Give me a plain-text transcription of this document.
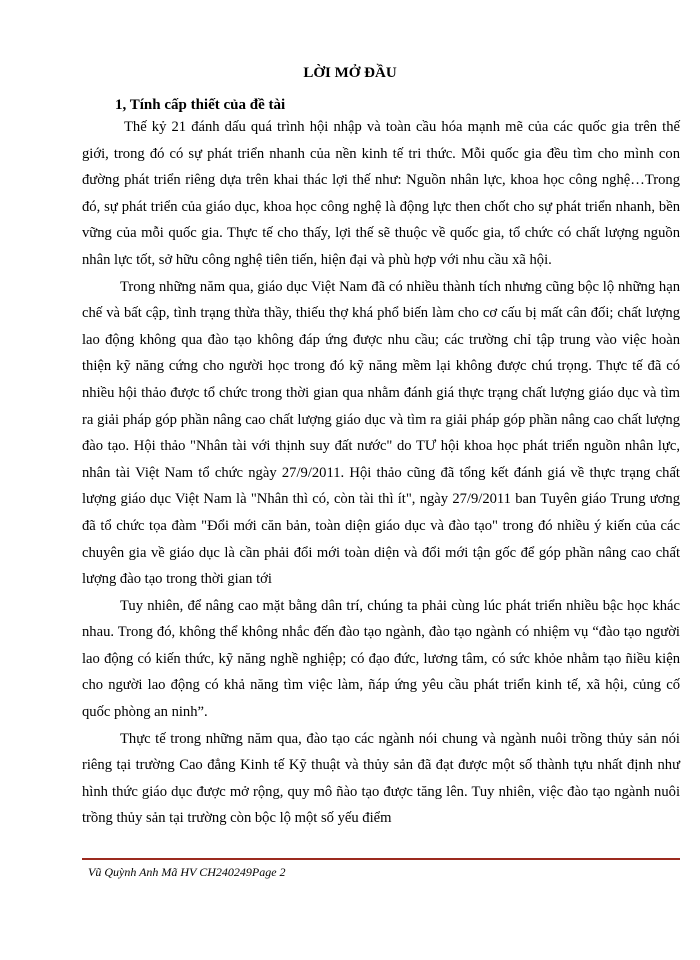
LỜI MỞ ĐẦU
1, Tính cấp thiết của đề tài

Thế kỷ 21 đánh dấu quá trình hội nhập và toàn cầu hóa mạnh mẽ của các quốc gia trên thế giới, trong đó có sự phát triển nhanh của nền kinh tế tri thức. Mỗi quốc gia đều tìm cho mình con đường phát triển riêng dựa trên khai thác lợi thế như: Nguồn nhân lực, khoa học công nghệ…Trong đó, sự phát triển của giáo dục, khoa học công nghệ là động lực then chốt cho sự phát triển nhanh, bền vững của mỗi quốc gia. Thực tế cho thấy, lợi thế sẽ thuộc về quốc gia, tổ chức có chất lượng nguồn nhân lực tốt, sở hữu công nghệ tiên tiến, hiện đại và phù hợp với nhu cầu xã hội.

Trong những năm qua, giáo dục Việt Nam đã có nhiều thành tích nhưng cũng bộc lộ những hạn chế và bất cập, tình trạng thừa thầy, thiếu thợ khá phổ biến làm cho cơ cấu bị mất cân đối; chất lượng lao động không qua đào tạo không đáp ứng được nhu cầu; các trường chỉ tập trung vào việc hoàn thiện kỹ năng cứng cho người học trong đó kỹ năng mềm lại không được chú trọng. Thực tế đã có nhiều hội thảo được tổ chức trong thời gian qua nhằm đánh giá thực trạng chất lượng giáo dục và tìm ra giải pháp góp phần nâng cao chất lượng giáo dục và tìm ra giải pháp góp phần nâng cao chất lượng đào tạo. Hội thảo "Nhân tài với thịnh suy đất nước" do TƯ hội khoa học phát triển nguồn nhân lực, nhân tài Việt Nam tổ chức ngày 27/9/2011. Hội thảo cũng đã tổng kết đánh giá về thực trạng chất lượng giáo dục Việt Nam là "Nhân thì có, còn tài thì ít", ngày 27/9/2011 ban Tuyên giáo Trung ương đã tổ chức tọa đàm "Đổi mới căn bản, toàn diện giáo dục và đào tạo" trong đó nhiều ý kiến của các chuyên gia về giáo dục là cần phải đổi mới toàn diện và đổi mới tận gốc để góp phần nâng cao chất lượng đào tạo trong thời gian tới

Tuy nhiên, để nâng cao mặt bằng dân trí, chúng ta phải cùng lúc phát triển nhiều bậc học khác nhau. Trong đó, không thể không nhắc đến đào tạo ngành, đào tạo ngành có nhiệm vụ “đào tạo người lao động có kiến thức, kỹ năng nghề nghiệp; có đạo đức, lương tâm, có sức khỏe nhằm tạo ñiều kiện cho người lao động có khả năng tìm việc làm, ñáp ứng yêu cầu phát triển kinh tế, xã hội, củng cố quốc phòng an ninh”.

Thực tế trong những năm qua, đào tạo các ngành nói chung và ngành nuôi trồng thủy sản nói riêng tại trường Cao đẳng Kinh tế Kỹ thuật và thủy sản đã đạt được một số thành tựu nhất định như hình thức giáo dục được mở rộng, quy mô ñào tạo được tăng lên. Tuy nhiên, việc đào tạo ngành nuôi trồng thủy sản tại trường còn bộc lộ một số yếu điểm

Vũ Quỳnh Anh Mã HV CH240249Page 2
